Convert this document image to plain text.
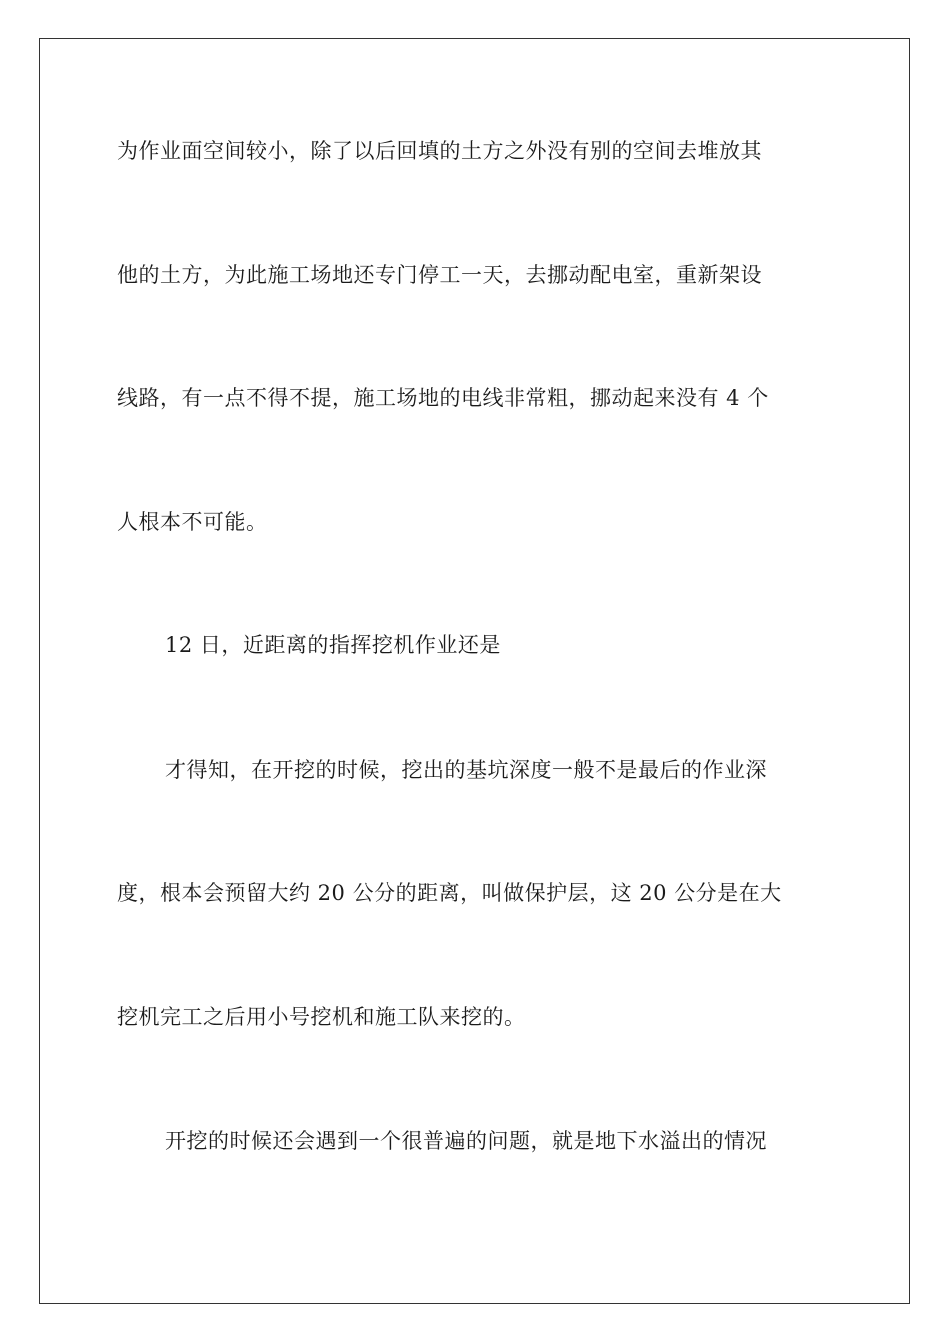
为作业面空间较小，除了以后回填的土方之外没有别的空间去堆放其
他的土方，为此施工场地还专门停工一天，去挪动配电室，重新架设
线路，有一点不得不提，施工场地的电线非常粗，挪动起来没有 4 个
人根本不可能。
12 日，近距离的指挥挖机作业还是
才得知，在开挖的时候，挖出的基坑深度一般不是最后的作业深
度，根本会预留大约 20 公分的距离，叫做保护层，这 20 公分是在大
挖机完工之后用小号挖机和施工队来挖的。
开挖的时候还会遇到一个很普遍的问题，就是地下水溢出的情况
